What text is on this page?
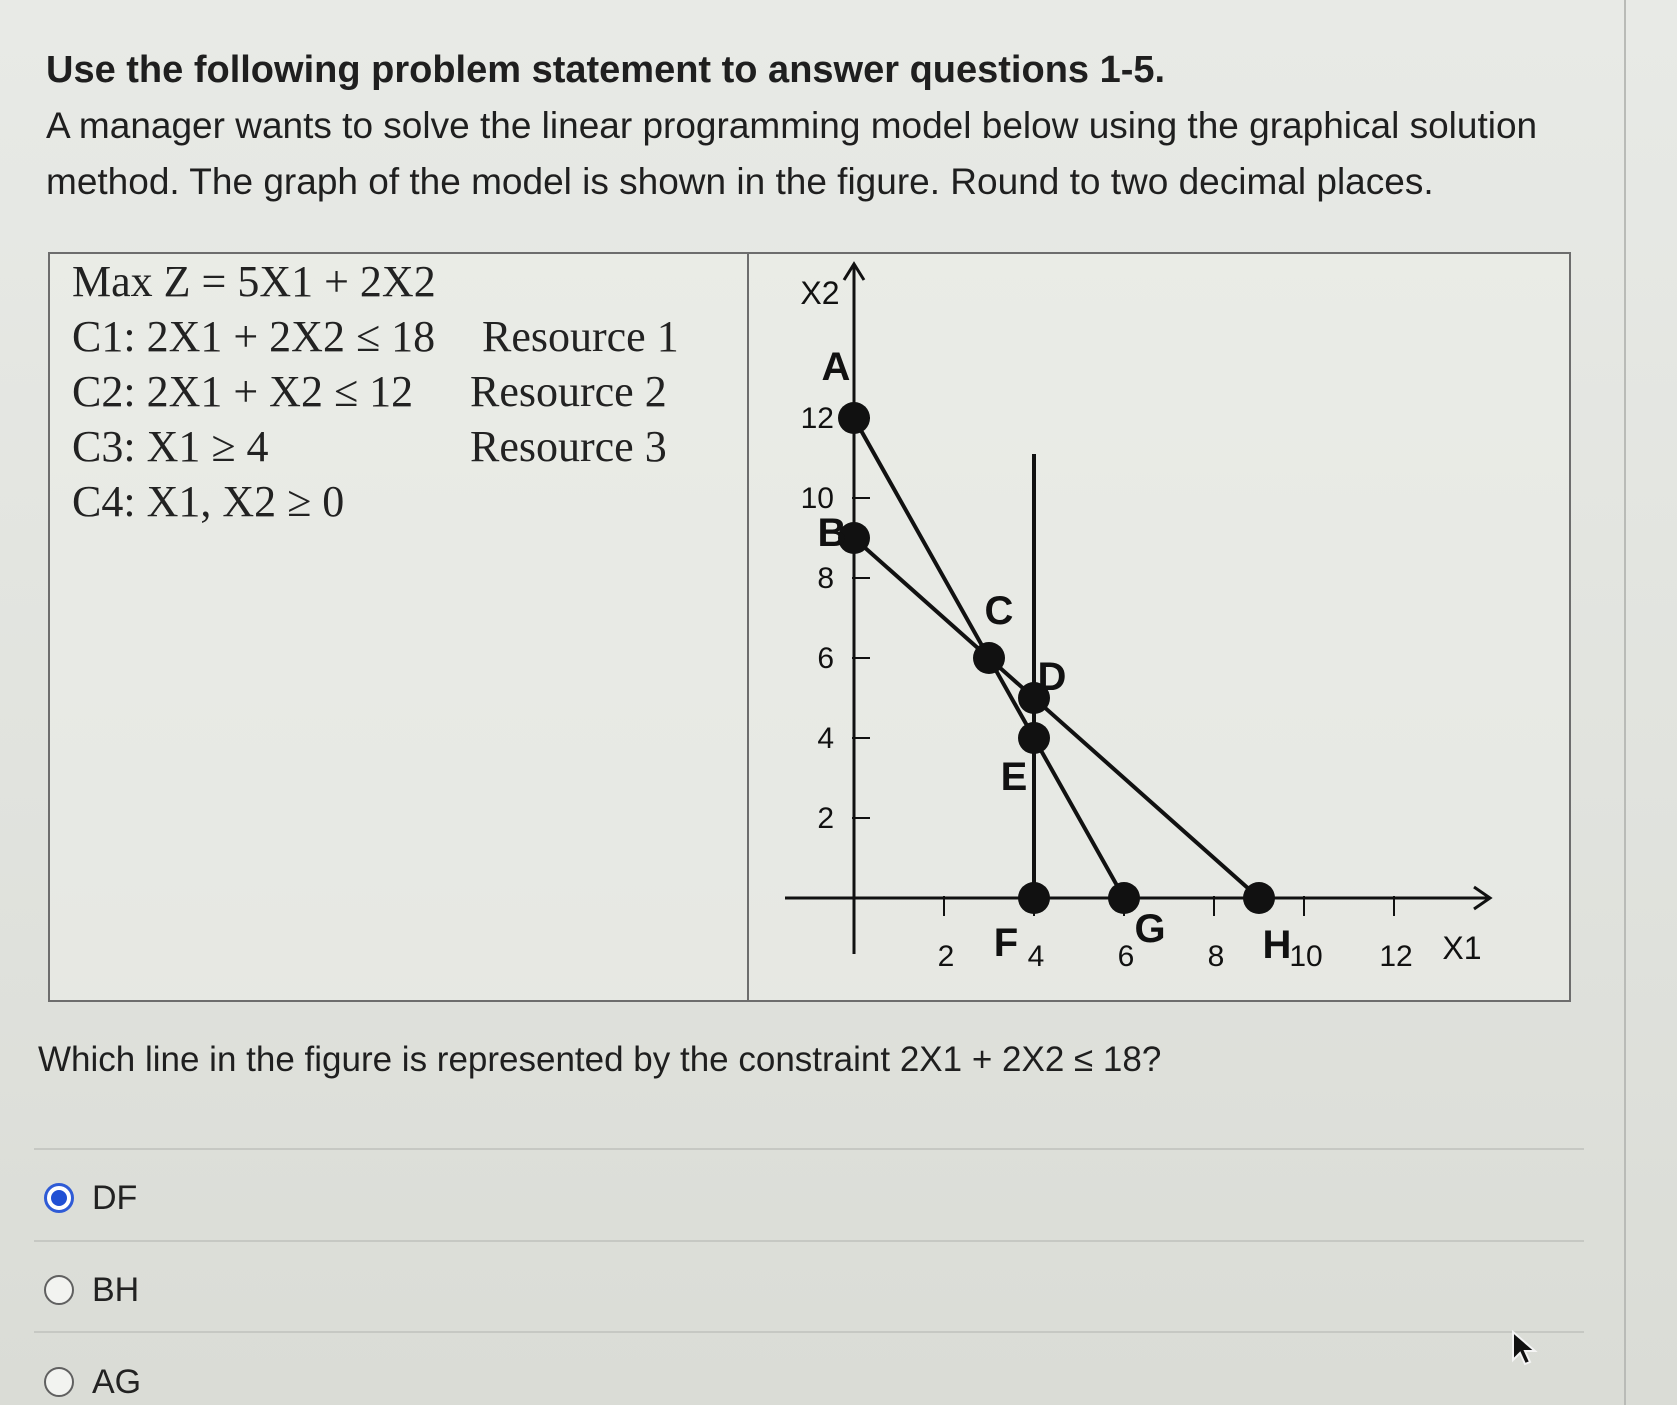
Use the following problem statement to answer questions 1-5.
A manager wants to solve the linear programming model below using the graphical solution method. The graph of the model is shown in the figure. Round to two decimal places.
Max Z = 5X1 + 2X2
C1: 2X1 + 2X2 ≤ 18 Resource 1
C2: 2X1 + X2 ≤ 12 Resource 2
C3: X1 ≥ 4	Resource 3
C4: X1, X2 ≥ 0
X1
X2
2 4 6 8 10 12
2
4
6
8
10
12
A
B
C
D
E
F	G H
Which line in the figure is represented by the constraint 2X1 + 2X2 ≤ 18?
DF
BH
AG
